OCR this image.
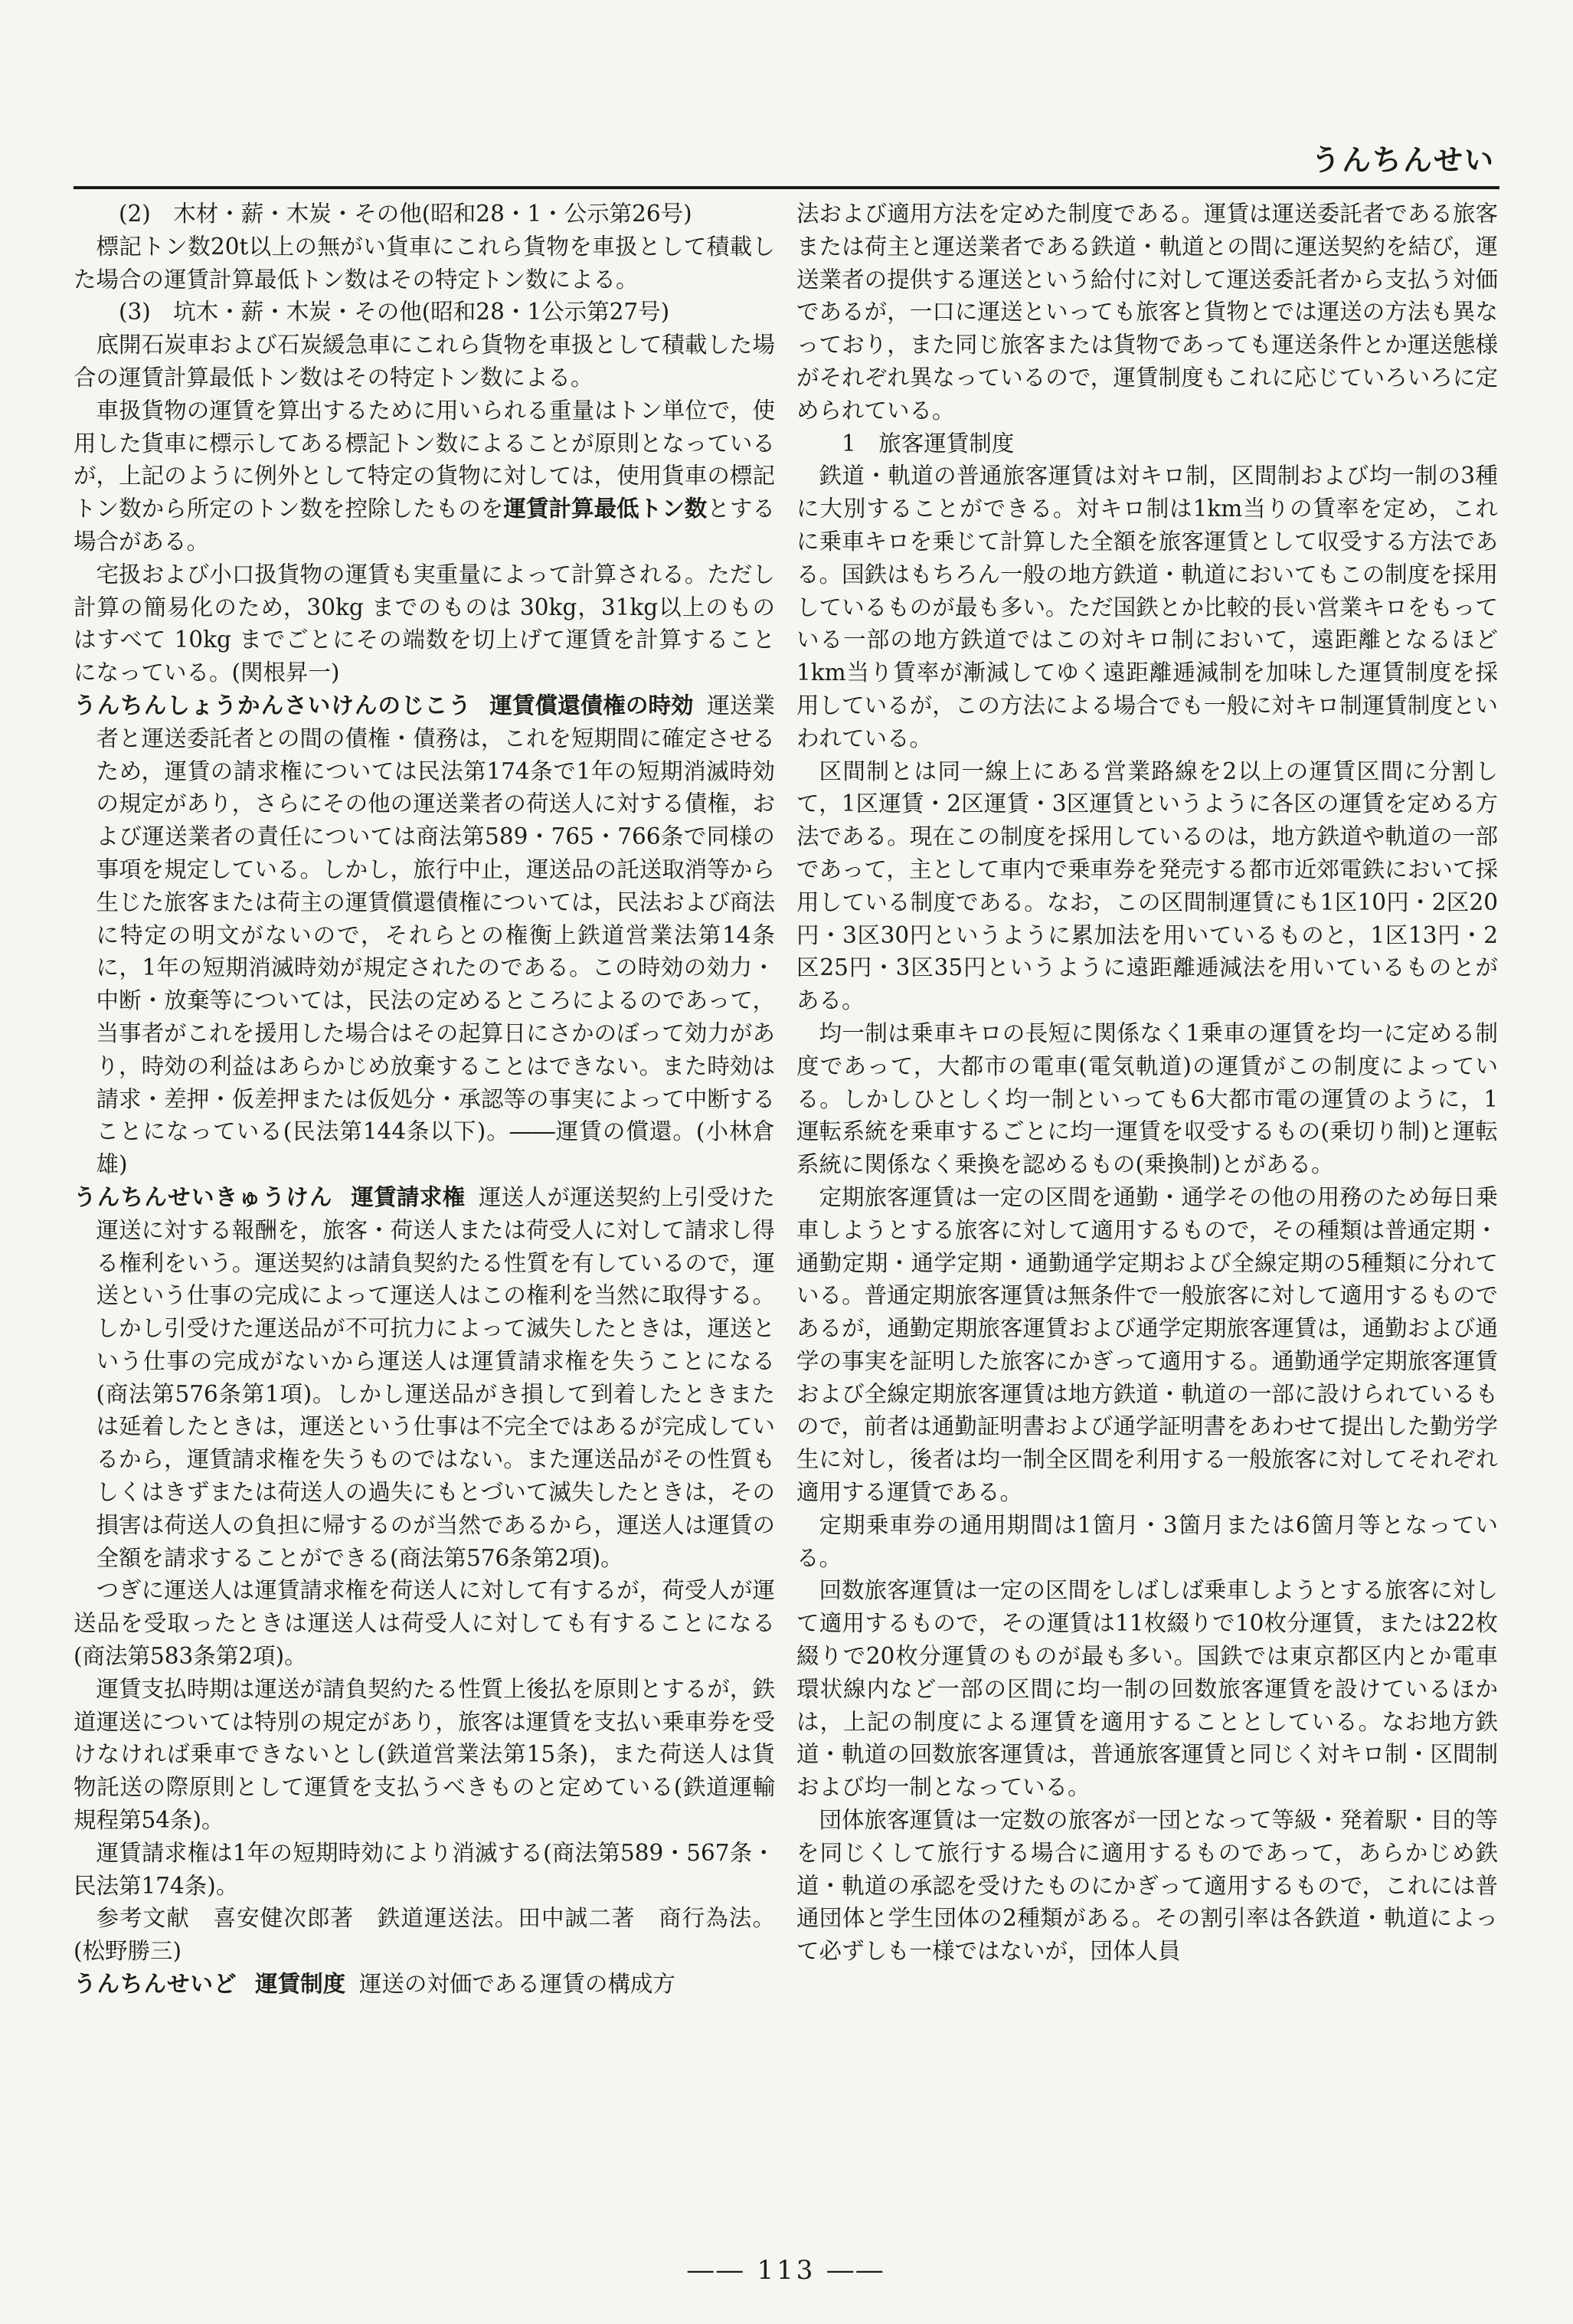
うんちんせい

(2)　木材・薪・木炭・その他(昭和28・1・公示第26号)

標記トン数20t以上の無がい貨車にこれら貨物を車扱として積載した場合の運賃計算最低トン数はその特定トン数による。

(3)　坑木・薪・木炭・その他(昭和28・1公示第27号)

底開石炭車および石炭緩急車にこれら貨物を車扱として積載した場合の運賃計算最低トン数はその特定トン数による。

車扱貨物の運賃を算出するために用いられる重量はトン単位で，使用した貨車に標示してある標記トン数によることが原則となっているが，上記のように例外として特定の貨物に対しては，使用貨車の標記トン数から所定のトン数を控除したものを運賃計算最低トン数とする場合がある。

宅扱および小口扱貨物の運賃も実重量によって計算される。ただし計算の簡易化のため，30kg までのものは 30kg，31kg以上のものはすべて 10kg までごとにその端数を切上げて運賃を計算することになっている。(関根昇一)

うんちんしょうかんさいけんのじこう 運賃償還債権の時効 運送業者と運送委託者との間の債権・債務は，これを短期間に確定させるため，運賃の請求権については民法第174条で1年の短期消滅時効の規定があり，さらにその他の運送業者の荷送人に対する債権，および運送業者の責任については商法第589・765・766条で同様の事項を規定している。しかし，旅行中止，運送品の託送取消等から生じた旅客または荷主の運賃償還債権については，民法および商法に特定の明文がないので，それらとの権衡上鉄道営業法第14条に，1年の短期消滅時効が規定されたのである。この時効の効力・中断・放棄等については，民法の定めるところによるのであって，当事者がこれを援用した場合はその起算日にさかのぼって効力があり，時効の利益はあらかじめ放棄することはできない。また時効は請求・差押・仮差押または仮処分・承認等の事実によって中断することになっている(民法第144条以下)。――運賃の償還。(小林倉雄)

うんちんせいきゅうけん 運賃請求権 運送人が運送契約上引受けた運送に対する報酬を，旅客・荷送人または荷受人に対して請求し得る権利をいう。運送契約は請負契約たる性質を有しているので，運送という仕事の完成によって運送人はこの権利を当然に取得する。しかし引受けた運送品が不可抗力によって滅失したときは，運送という仕事の完成がないから運送人は運賃請求権を失うことになる(商法第576条第1項)。しかし運送品がき損して到着したときまたは延着したときは，運送という仕事は不完全ではあるが完成しているから，運賃請求権を失うものではない。また運送品がその性質もしくはきずまたは荷送人の過失にもとづいて滅失したときは，その損害は荷送人の負担に帰するのが当然であるから，運送人は運賃の全額を請求することができる(商法第576条第2項)。

つぎに運送人は運賃請求権を荷送人に対して有するが，荷受人が運送品を受取ったときは運送人は荷受人に対しても有することになる(商法第583条第2項)。

運賃支払時期は運送が請負契約たる性質上後払を原則とするが，鉄道運送については特別の規定があり，旅客は運賃を支払い乗車券を受けなければ乗車できないとし(鉄道営業法第15条)，また荷送人は貨物託送の際原則として運賃を支払うべきものと定めている(鉄道運輸規程第54条)。

運賃請求権は1年の短期時効により消滅する(商法第589・567条・民法第174条)。

参考文献　喜安健次郎著　鉄道運送法。田中誠二著　商行為法。(松野勝三)

うんちんせいど 運賃制度 運送の対価である運賃の構成方

法および適用方法を定めた制度である。運賃は運送委託者である旅客または荷主と運送業者である鉄道・軌道との間に運送契約を結び，運送業者の提供する運送という給付に対して運送委託者から支払う対価であるが，一口に運送といっても旅客と貨物とでは運送の方法も異なっており，また同じ旅客または貨物であっても運送条件とか運送態様がそれぞれ異なっているので，運賃制度もこれに応じていろいろに定められている。

1　旅客運賃制度

鉄道・軌道の普通旅客運賃は対キロ制，区間制および均一制の3種に大別することができる。対キロ制は1km当りの賃率を定め，これに乗車キロを乗じて計算した全額を旅客運賃として収受する方法である。国鉄はもちろん一般の地方鉄道・軌道においてもこの制度を採用しているものが最も多い。ただ国鉄とか比較的長い営業キロをもっている一部の地方鉄道ではこの対キロ制において，遠距離となるほど1km当り賃率が漸減してゆく遠距離逓減制を加味した運賃制度を採用しているが，この方法による場合でも一般に対キロ制運賃制度といわれている。

区間制とは同一線上にある営業路線を2以上の運賃区間に分割して，1区運賃・2区運賃・3区運賃というように各区の運賃を定める方法である。現在この制度を採用しているのは，地方鉄道や軌道の一部であって，主として車内で乗車券を発売する都市近郊電鉄において採用している制度である。なお，この区間制運賃にも1区10円・2区20円・3区30円というように累加法を用いているものと，1区13円・2区25円・3区35円というように遠距離逓減法を用いているものとがある。

均一制は乗車キロの長短に関係なく1乗車の運賃を均一に定める制度であって，大都市の電車(電気軌道)の運賃がこの制度によっている。しかしひとしく均一制といっても6大都市電の運賃のように，1運転系統を乗車するごとに均一運賃を収受するもの(乗切り制)と運転系統に関係なく乗換を認めるもの(乗換制)とがある。

定期旅客運賃は一定の区間を通勤・通学その他の用務のため毎日乗車しようとする旅客に対して適用するもので，その種類は普通定期・通勤定期・通学定期・通勤通学定期および全線定期の5種類に分れている。普通定期旅客運賃は無条件で一般旅客に対して適用するものであるが，通勤定期旅客運賃および通学定期旅客運賃は，通勤および通学の事実を証明した旅客にかぎって適用する。通勤通学定期旅客運賃および全線定期旅客運賃は地方鉄道・軌道の一部に設けられているもので，前者は通勤証明書および通学証明書をあわせて提出した勤労学生に対し，後者は均一制全区間を利用する一般旅客に対してそれぞれ適用する運賃である。

定期乗車券の通用期間は1箇月・3箇月または6箇月等となっている。

回数旅客運賃は一定の区間をしばしば乗車しようとする旅客に対して適用するもので，その運賃は11枚綴りで10枚分運賃，または22枚綴りで20枚分運賃のものが最も多い。国鉄では東京都区内とか電車環状線内など一部の区間に均一制の回数旅客運賃を設けているほかは，上記の制度による運賃を適用することとしている。なお地方鉄道・軌道の回数旅客運賃は，普通旅客運賃と同じく対キロ制・区間制および均一制となっている。

団体旅客運賃は一定数の旅客が一団となって等級・発着駅・目的等を同じくして旅行する場合に適用するものであって，あらかじめ鉄道・軌道の承認を受けたものにかぎって適用するもので，これには普通団体と学生団体の2種類がある。その割引率は各鉄道・軌道によって必ずしも一様ではないが，団体人員

―― 113 ――
